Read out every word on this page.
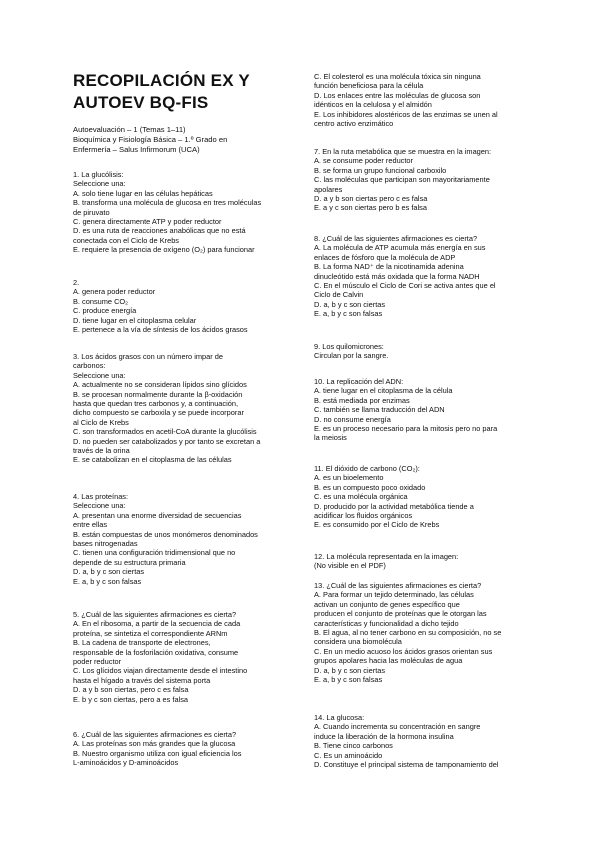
RECOPILACIÓN EX Y
AUTOEV BQ-FIS
Autoevaluación – 1 (Temas 1–11)
Bioquímica y Fisiología Básica – 1.º Grado en
Enfermería – Salus Infirmorum (UCA)
1. La glucólisis:
Seleccione una:
A. solo tiene lugar en las células hepáticas
B. transforma una molécula de glucosa en tres moléculas
de piruvato
C. genera directamente ATP y poder reductor
D. es una ruta de reacciones anabólicas que no está
conectada con el Ciclo de Krebs
E. requiere la presencia de oxígeno (O₂) para funcionar
2.
A. genera poder reductor
B. consume CO₂
C. produce energía
D. tiene lugar en el citoplasma celular
E. pertenece a la vía de síntesis de los ácidos grasos
3. Los ácidos grasos con un número impar de
carbonos:
Seleccione una:
A. actualmente no se consideran lípidos sino glícidos
B. se procesan normalmente durante la β-oxidación
hasta que quedan tres carbonos y, a continuación,
dicho compuesto se carboxila y se puede incorporar
al Ciclo de Krebs
C. son transformados en acetil-CoA durante la glucólisis
D. no pueden ser catabolizados y por tanto se excretan a
través de la orina
E. se catabolizan en el citoplasma de las células
4. Las proteínas:
Seleccione una:
A. presentan una enorme diversidad de secuencias
entre ellas
B. están compuestas de unos monómeros denominados
bases nitrogenadas
C. tienen una configuración tridimensional que no
depende de su estructura primaria
D. a, b y c son ciertas
E. a, b y c son falsas
5. ¿Cuál de las siguientes afirmaciones es cierta?
A. En el ribosoma, a partir de la secuencia de cada
proteína, se sintetiza el correspondiente ARNm
B. La cadena de transporte de electrones,
responsable de la fosforilación oxidativa, consume
poder reductor
C. Los glícidos viajan directamente desde el intestino
hasta el hígado a través del sistema porta
D. a y b son ciertas, pero c es falsa
E. b y c son ciertas, pero a es falsa
6. ¿Cuál de las siguientes afirmaciones es cierta?
A. Las proteínas son más grandes que la glucosa
B. Nuestro organismo utiliza con igual eficiencia los
L-aminoácidos y D-aminoácidos
C. El colesterol es una molécula tóxica sin ninguna
función beneficiosa para la célula
D. Los enlaces entre las moléculas de glucosa son
idénticos en la celulosa y el almidón
E. Los inhibidores alostéricos de las enzimas se unen al
centro activo enzimático
7. En la ruta metabólica que se muestra en la imagen:
A. se consume poder reductor
B. se forma un grupo funcional carboxilo
C. las moléculas que participan son mayoritariamente
apolares
D. a y b son ciertas pero c es falsa
E. a y c son ciertas pero b es falsa
8. ¿Cuál de las siguientes afirmaciones es cierta?
A. La molécula de ATP acumula más energía en sus
enlaces de fósforo que la molécula de ADP
B. La forma NAD⁺ de la nicotinamida adenina
dinucleótido está más oxidada que la forma NADH
C. En el músculo el Ciclo de Cori se activa antes que el
Ciclo de Calvin
D. a, b y c son ciertas
E. a, b y c son falsas
9. Los quilomicrones:
Circulan por la sangre.
10. La replicación del ADN:
A. tiene lugar en el citoplasma de la célula
B. está mediada por enzimas
C. también se llama traducción del ADN
D. no consume energía
E. es un proceso necesario para la mitosis pero no para
la meiosis
11. El dióxido de carbono (CO₂):
A. es un bioelemento
B. es un compuesto poco oxidado
C. es una molécula orgánica
D. producido por la actividad metabólica tiende a
acidificar los fluidos orgánicos
E. es consumido por el Ciclo de Krebs
12. La molécula representada en la imagen:
(No visible en el PDF)
13. ¿Cuál de las siguientes afirmaciones es cierta?
A. Para formar un tejido determinado, las células
activan un conjunto de genes específico que
producen el conjunto de proteínas que le otorgan las
características y funcionalidad a dicho tejido
B. El agua, al no tener carbono en su composición, no se
considera una biomolécula
C. En un medio acuoso los ácidos grasos orientan sus
grupos apolares hacia las moléculas de agua
D. a, b y c son ciertas
E. a, b y c son falsas
14. La glucosa:
A. Cuando incrementa su concentración en sangre
induce la liberación de la hormona insulina
B. Tiene cinco carbonos
C. Es un aminoácido
D. Constituye el principal sistema de tamponamiento del
